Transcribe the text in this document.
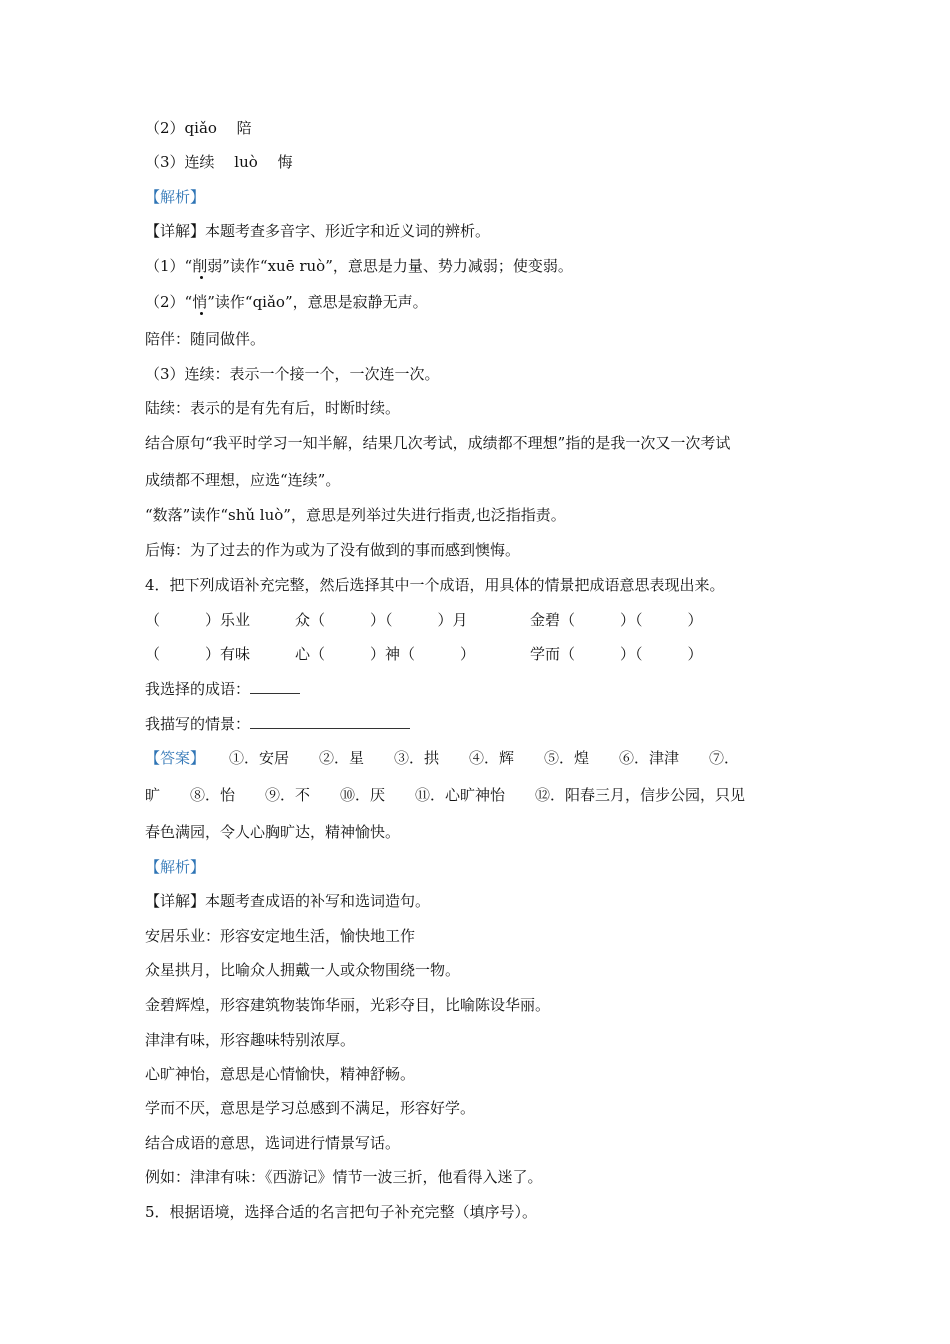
（2）qiǎo　 陪
（3）连续　 luò　 悔
【解析】
【详解】本题考查多音字、形近字和近义词的辨析。
（1）“削弱”读作“xuē ruò”，意思是力量、势力减弱；使变弱。
（2）“悄”读作“qiǎo”，意思是寂静无声。
陪伴：随同做伴。
（3）连续：表示一个接一个，一次连一次。
陆续：表示的是有先有后，时断时续。
结合原句“我平时学习一知半解，结果几次考试，成绩都不理想”指的是我一次又一次考试
成绩都不理想，应选“连续”。
“数落”读作“shǔ luò”，意思是列举过失进行指责,也泛指指责。
后悔：为了过去的作为或为了没有做到的事而感到懊悔。
4．把下列成语补充完整，然后选择其中一个成语，用具体的情景把成语意思表现出来。
（　　　）乐业	众（　　　）（　　　）月	金碧（　　　）（　　　）
（　　　）有味	心（　　　）神（　　　）	学而（　　　）（　　　）
我选择的成语：
我描写的情景：
【答案】 ①．安居　　②．星　　③．拱　　④．辉　　⑤．煌　　⑥．津津　　⑦．
旷　　⑧．怡　　⑨．不　　⑩．厌　　⑪．心旷神怡　　⑫．阳春三月，信步公园，只见
春色满园，令人心胸旷达，精神愉快。
【解析】
【详解】本题考查成语的补写和选词造句。
安居乐业：形容安定地生活，愉快地工作
众星拱月，比喻众人拥戴一人或众物围绕一物。
金碧辉煌，形容建筑物装饰华丽，光彩夺目，比喻陈设华丽。
津津有味，形容趣味特别浓厚。
心旷神怡，意思是心情愉快，精神舒畅。
学而不厌，意思是学习总感到不满足，形容好学。
结合成语的意思，选词进行情景写话。
例如：津津有味：《西游记》情节一波三折，他看得入迷了。
5．根据语境，选择合适的名言把句子补充完整（填序号）。
